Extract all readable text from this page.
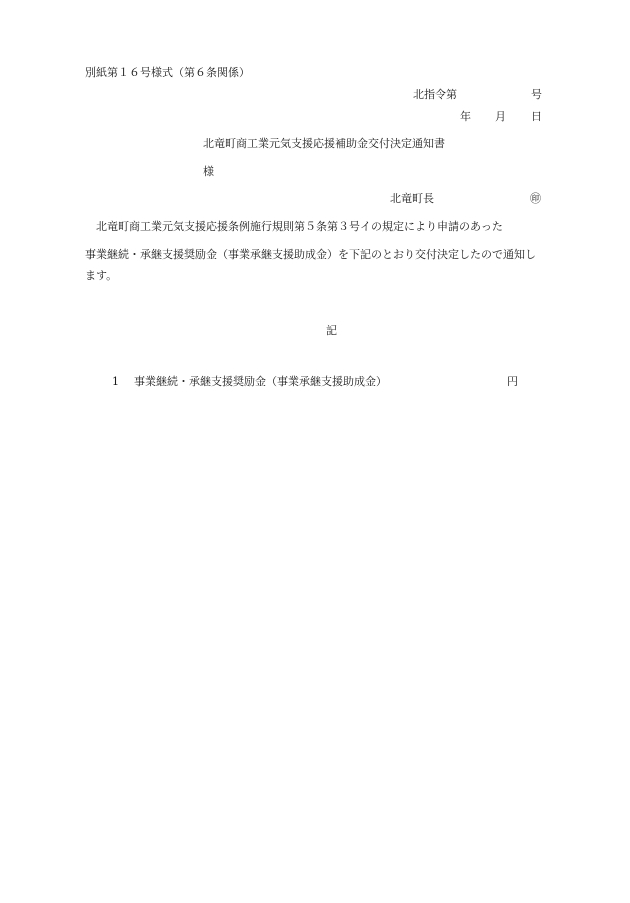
別紙第１６号様式（第６条関係）
北指令第	号
年 月 日
北竜町商工業元気支援応援補助金交付決定通知書
様
北竜町長	㊞
北竜町商工業元気支援応援条例施行規則第５条第３号イの規定により申請のあった
事業継続・承継支援奨励金（事業承継支援助成金）を下記のとおり交付決定したので通知し
ます。
記
1 事業継続・承継支援奨励金（事業承継支援助成金）	円
